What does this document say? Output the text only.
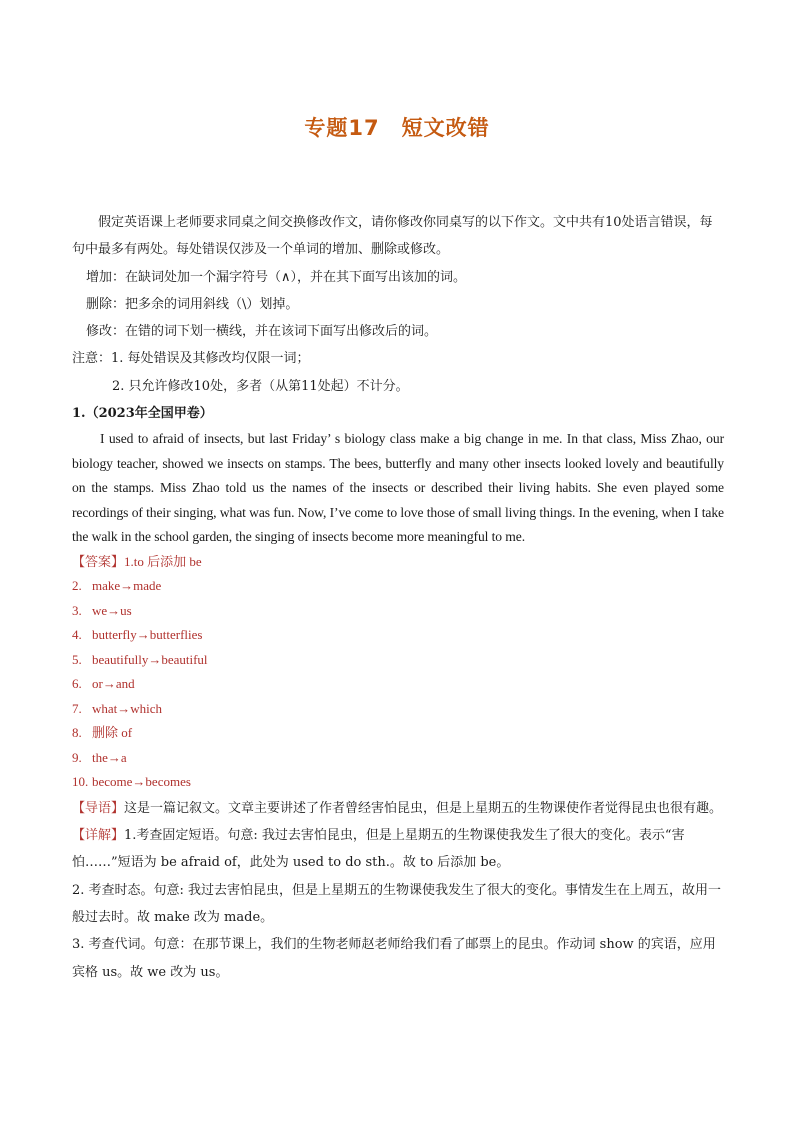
专题17 短文改错

假定英语课上老师要求同桌之间交换修改作文，请你修改你同桌写的以下作文。文中共有10处语言错误，每句中最多有两处。每处错误仅涉及一个单词的增加、删除或修改。

增加：在缺词处加一个漏字符号（∧），并在其下面写出该加的词。

删除：把多余的词用斜线（\）划掉。

修改：在错的词下划一横线，并在该词下面写出修改后的词。

注意：1. 每处错误及其修改均仅限一词；

2. 只允许修改10处，多者（从第11处起）不计分。

1.（2023年全国甲卷）

I used to afraid of insects, but last Friday’ s biology class make a big change in me. In that class, Miss Zhao, our biology teacher, showed we insects on stamps. The bees, butterfly and many other insects looked lovely and beautifully on the stamps. Miss Zhao told us the names of the insects or described their living habits. She even played some recordings of their singing, what was fun. Now, I’ve come to love those of small living things. In the evening, when I take the walk in the school garden, the singing of insects become more meaningful to me.

【答案】1.to 后添加 be

2. make→made
3. we→us
4. butterfly→butterflies
5. beautifully→beautiful
6. or→and
7. what→which
8. 删除 of
9. the→a
10. become→becomes

【导语】这是一篇记叙文。文章主要讲述了作者曾经害怕昆虫，但是上星期五的生物课使作者觉得昆虫也很有趣。

【详解】1.考查固定短语。句意: 我过去害怕昆虫，但是上星期五的生物课使我发生了很大的变化。表示“害怕……”短语为 be afraid of，此处为 used to do sth.。故 to 后添加 be。

2. 考查时态。句意: 我过去害怕昆虫，但是上星期五的生物课使我发生了很大的变化。事情发生在上周五，故用一般过去时。故 make 改为 made。

3. 考查代词。句意：在那节课上，我们的生物老师赵老师给我们看了邮票上的昆虫。作动词 show 的宾语，应用宾格 us。故 we 改为 us。
